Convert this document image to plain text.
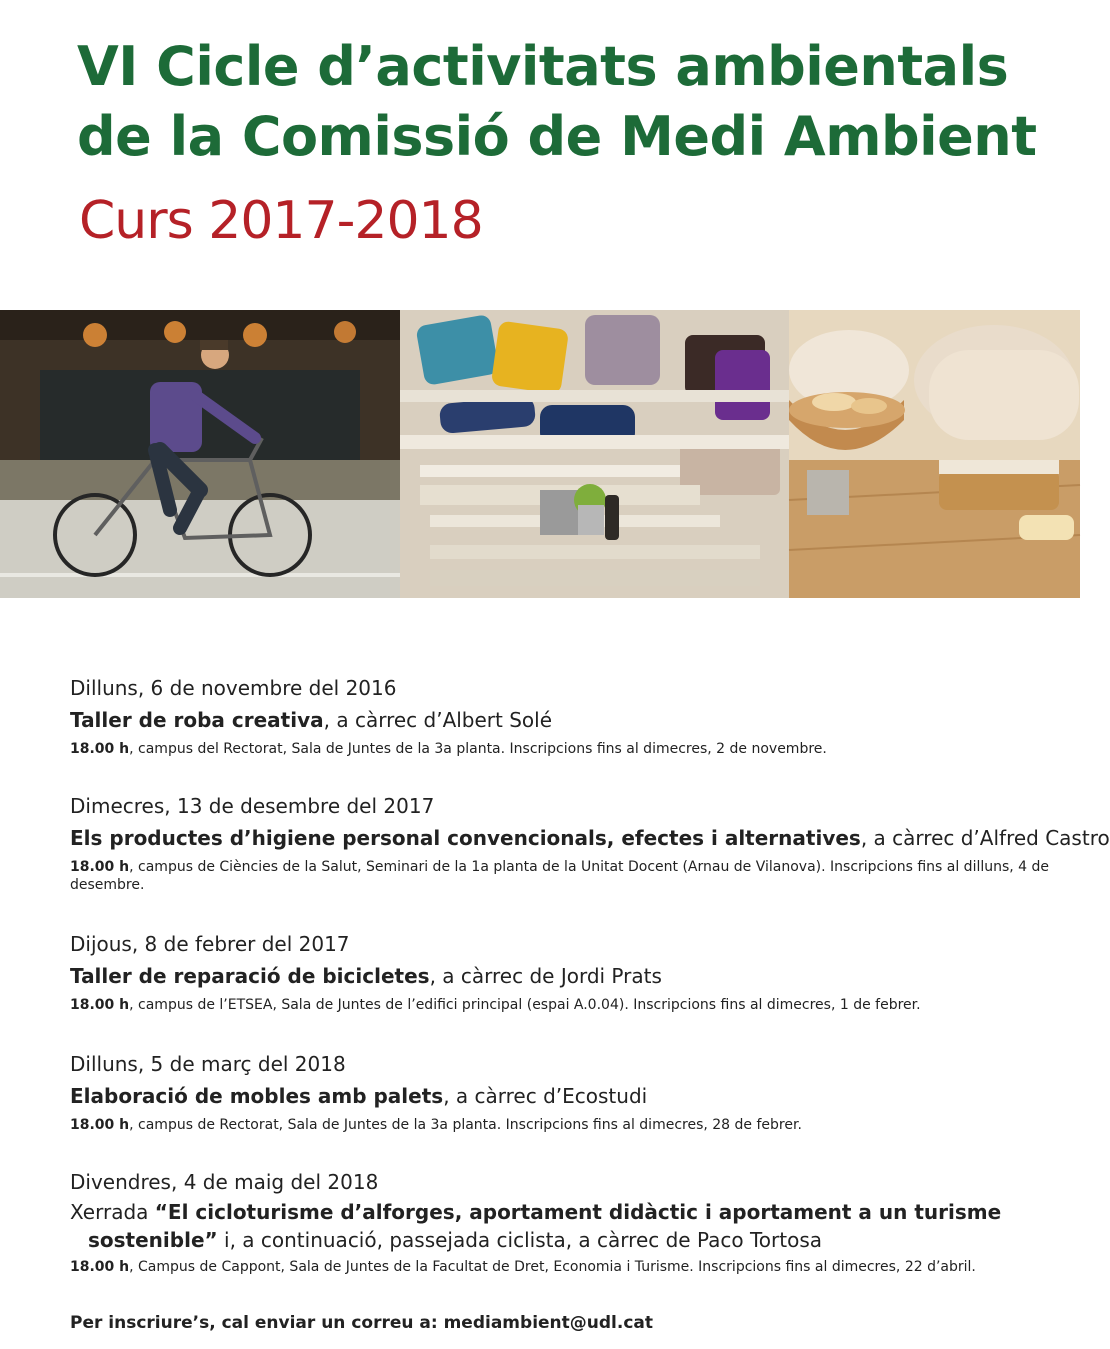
VI Cicle d’activitats ambientals
de la Comissió de Medi Ambient
Curs 2017-2018
Dilluns, 6 de novembre del 2016
Taller de roba creativa, a càrrec d’Albert Solé
18.00 h, campus del Rectorat, Sala de Juntes de la 3a planta. Inscripcions fins al dimecres, 2 de novembre.
Dimecres, 13 de desembre del 2017
Els productes d’higiene personal convencionals, efectes i alternatives, a càrrec d’Alfred Castro
18.00 h, campus de Ciències de la Salut, Seminari de la 1a planta de la Unitat Docent (Arnau de Vilanova). Inscripcions fins al dilluns, 4 de desembre.
Dijous, 8 de febrer del 2017
Taller de reparació de bicicletes, a càrrec de Jordi Prats
18.00 h, campus de l’ETSEA, Sala de Juntes de l’edifici principal (espai A.0.04). Inscripcions fins al dimecres, 1 de febrer.
Dilluns, 5 de març del 2018
Elaboració de mobles amb palets, a càrrec d’Ecostudi
18.00 h, campus de Rectorat, Sala de Juntes de la 3a planta. Inscripcions fins al dimecres, 28 de febrer.
Divendres, 4 de maig del 2018
Xerrada “El cicloturisme d’alforges, aportament didàctic i aportament a un turisme sostenible” i, a continuació, passejada ciclista, a càrrec de Paco Tortosa
18.00 h, Campus de Cappont, Sala de Juntes de la Facultat de Dret, Economia i Turisme. Inscripcions fins al dimecres, 22 d’abril.
Per inscriure’s, cal enviar un correu a: mediambient@udl.cat
